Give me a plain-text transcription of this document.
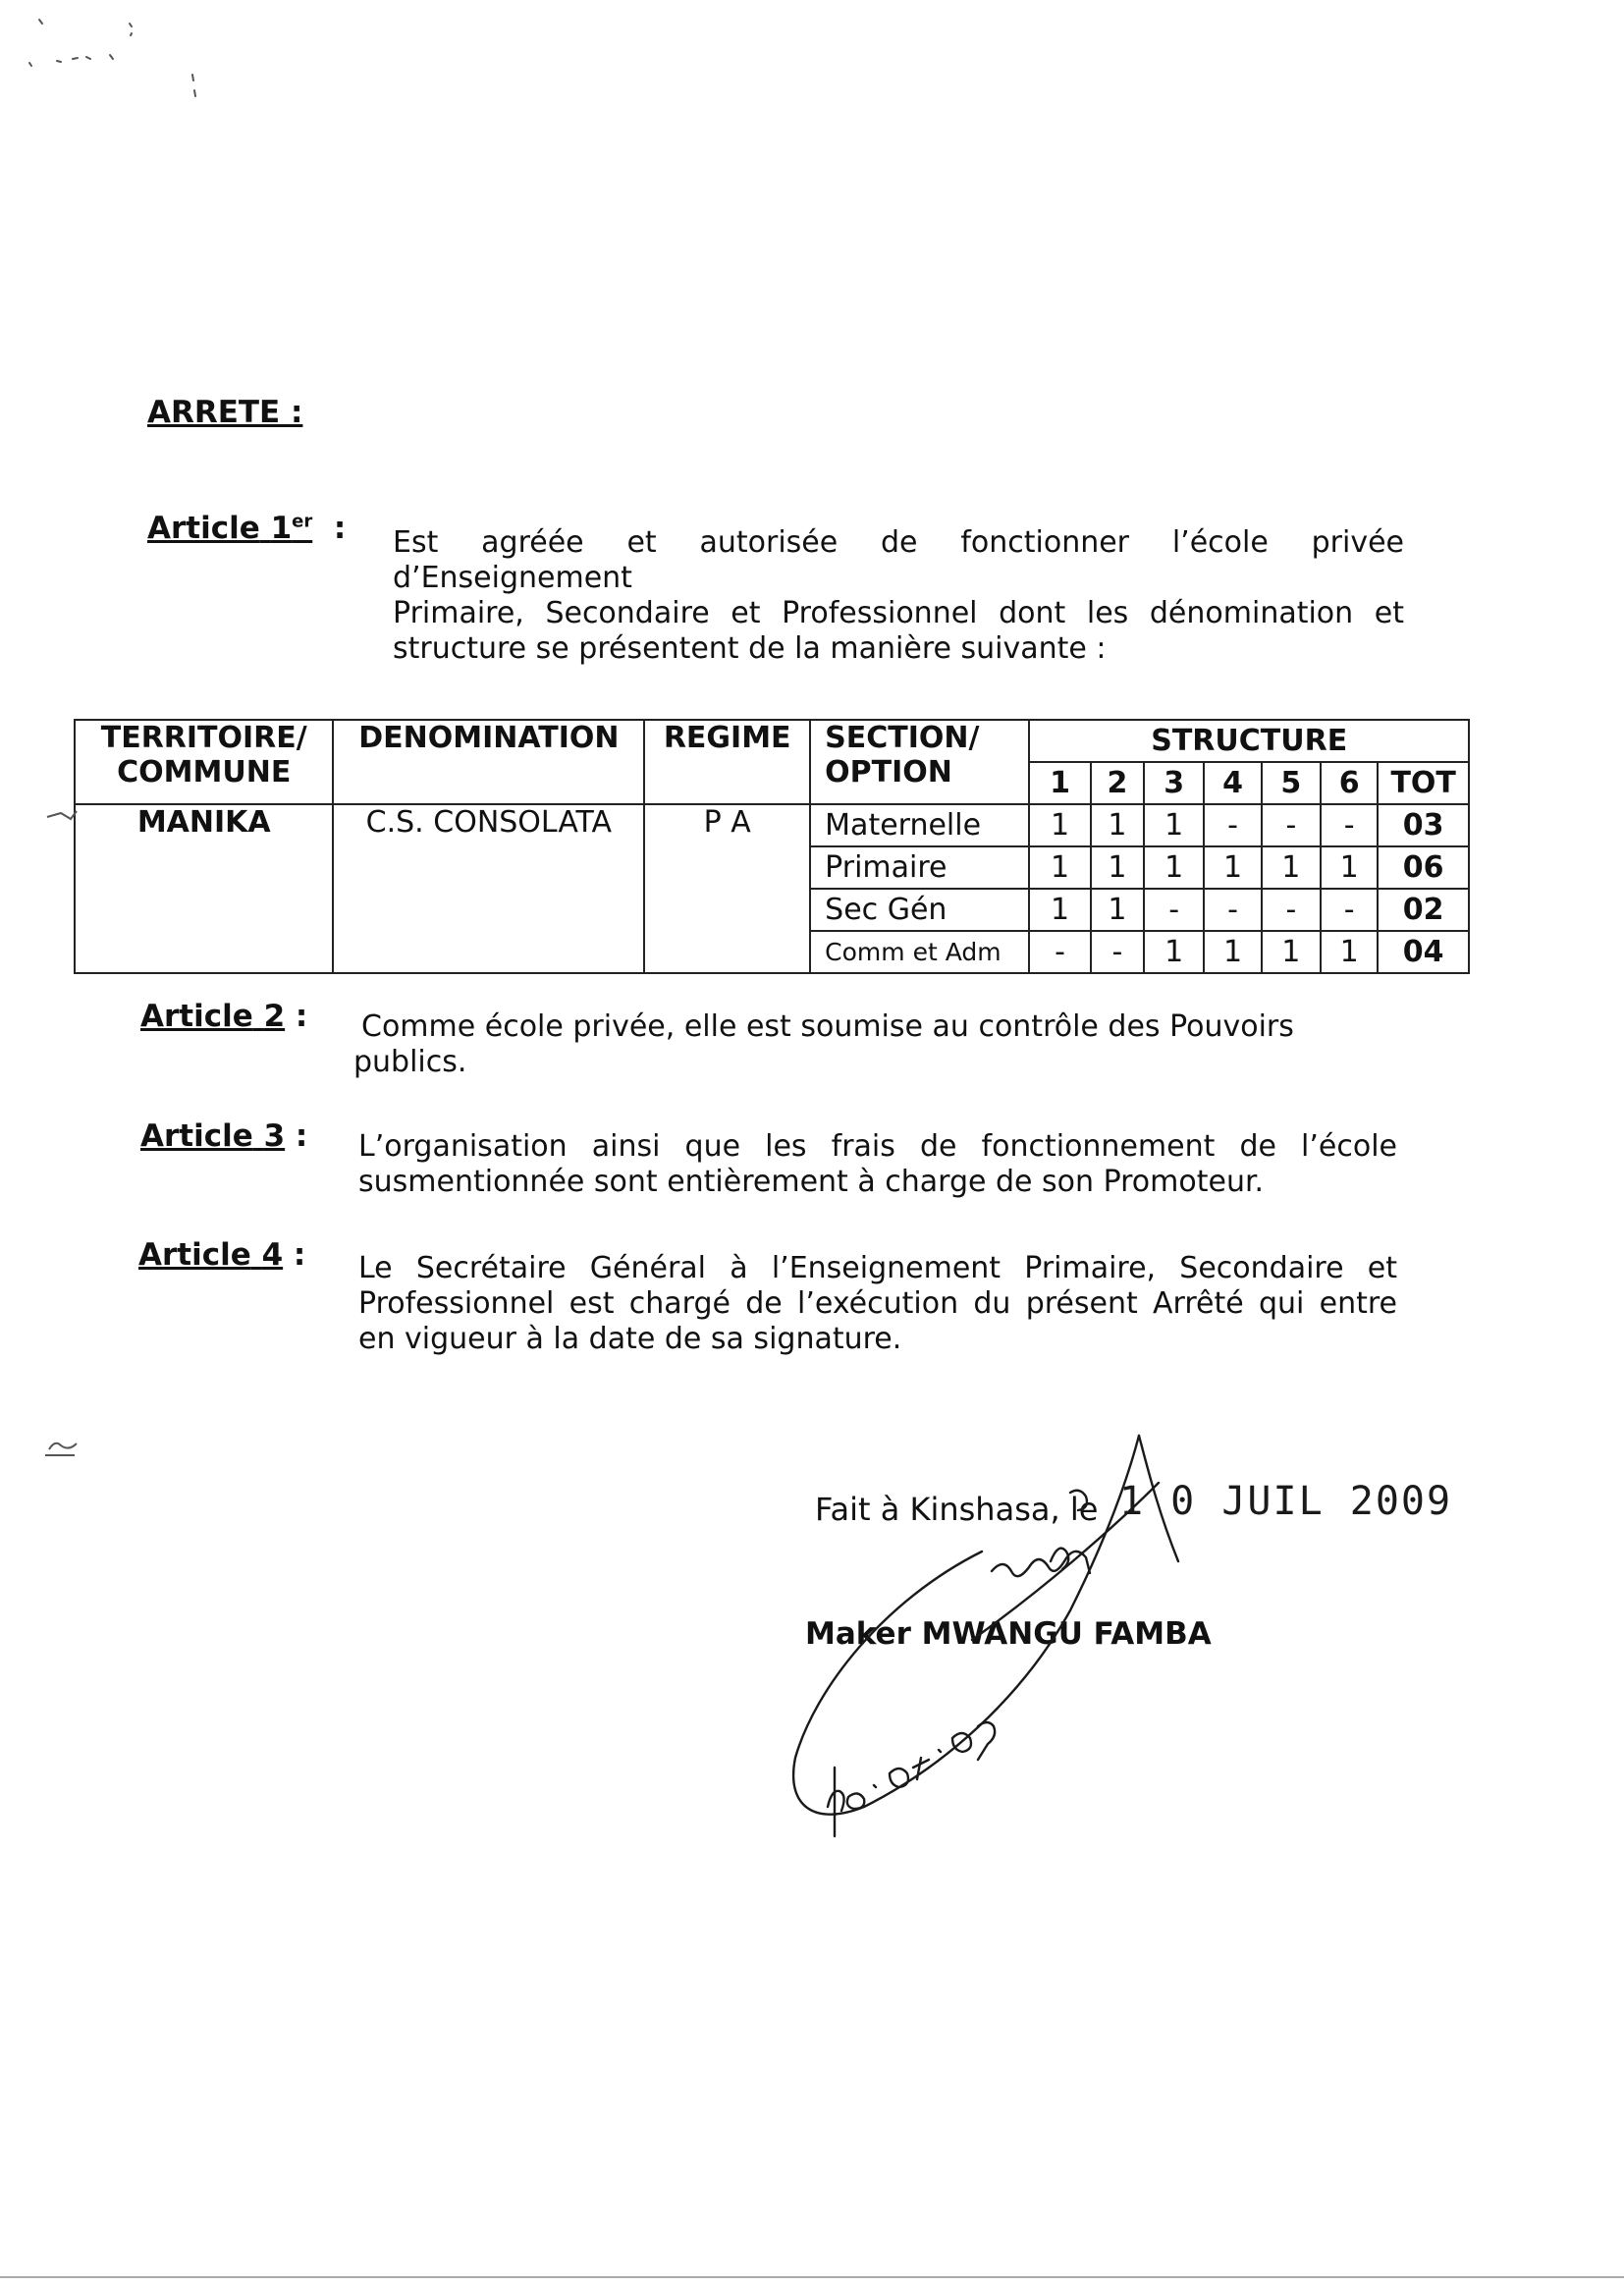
ARRETE :
Article 1er  : Est agréée et autorisée de fonctionner l’école privée d’Enseignement
Primaire, Secondaire et Professionnel dont les dénomination et
structure se présentent de la manière suivante :
TERRITOIRE/
COMMUNE	DENOMINATION	REGIME	SECTION/
OPTION	STRUCTURE						
				1	2	3	4	5	6	TOT
MANIKA	C.S. CONSOLATA	P A	Maternelle	1	1	1	-	-	-	03
			Primaire	1	1	1	1	1	1	06
			Sec Gén	1	1	-	-	-	-	02
			Comm et Adm	-	-	1	1	1	1	04
Article 2 : Comme école privée, elle est soumise au contrôle des Pouvoirs
publics.
Article 3 : L’organisation ainsi que les frais de fonctionnement de l’école
susmentionnée sont entièrement à charge de son Promoteur.
Article 4 : Le Secrétaire Général à l’Enseignement Primaire, Secondaire et
Professionnel est chargé de l’exécution du présent Arrêté qui entre
en vigueur à la date de sa signature.
Fait à Kinshasa, le 1 0 JUIL 2009
Maker MWANGU FAMBA
